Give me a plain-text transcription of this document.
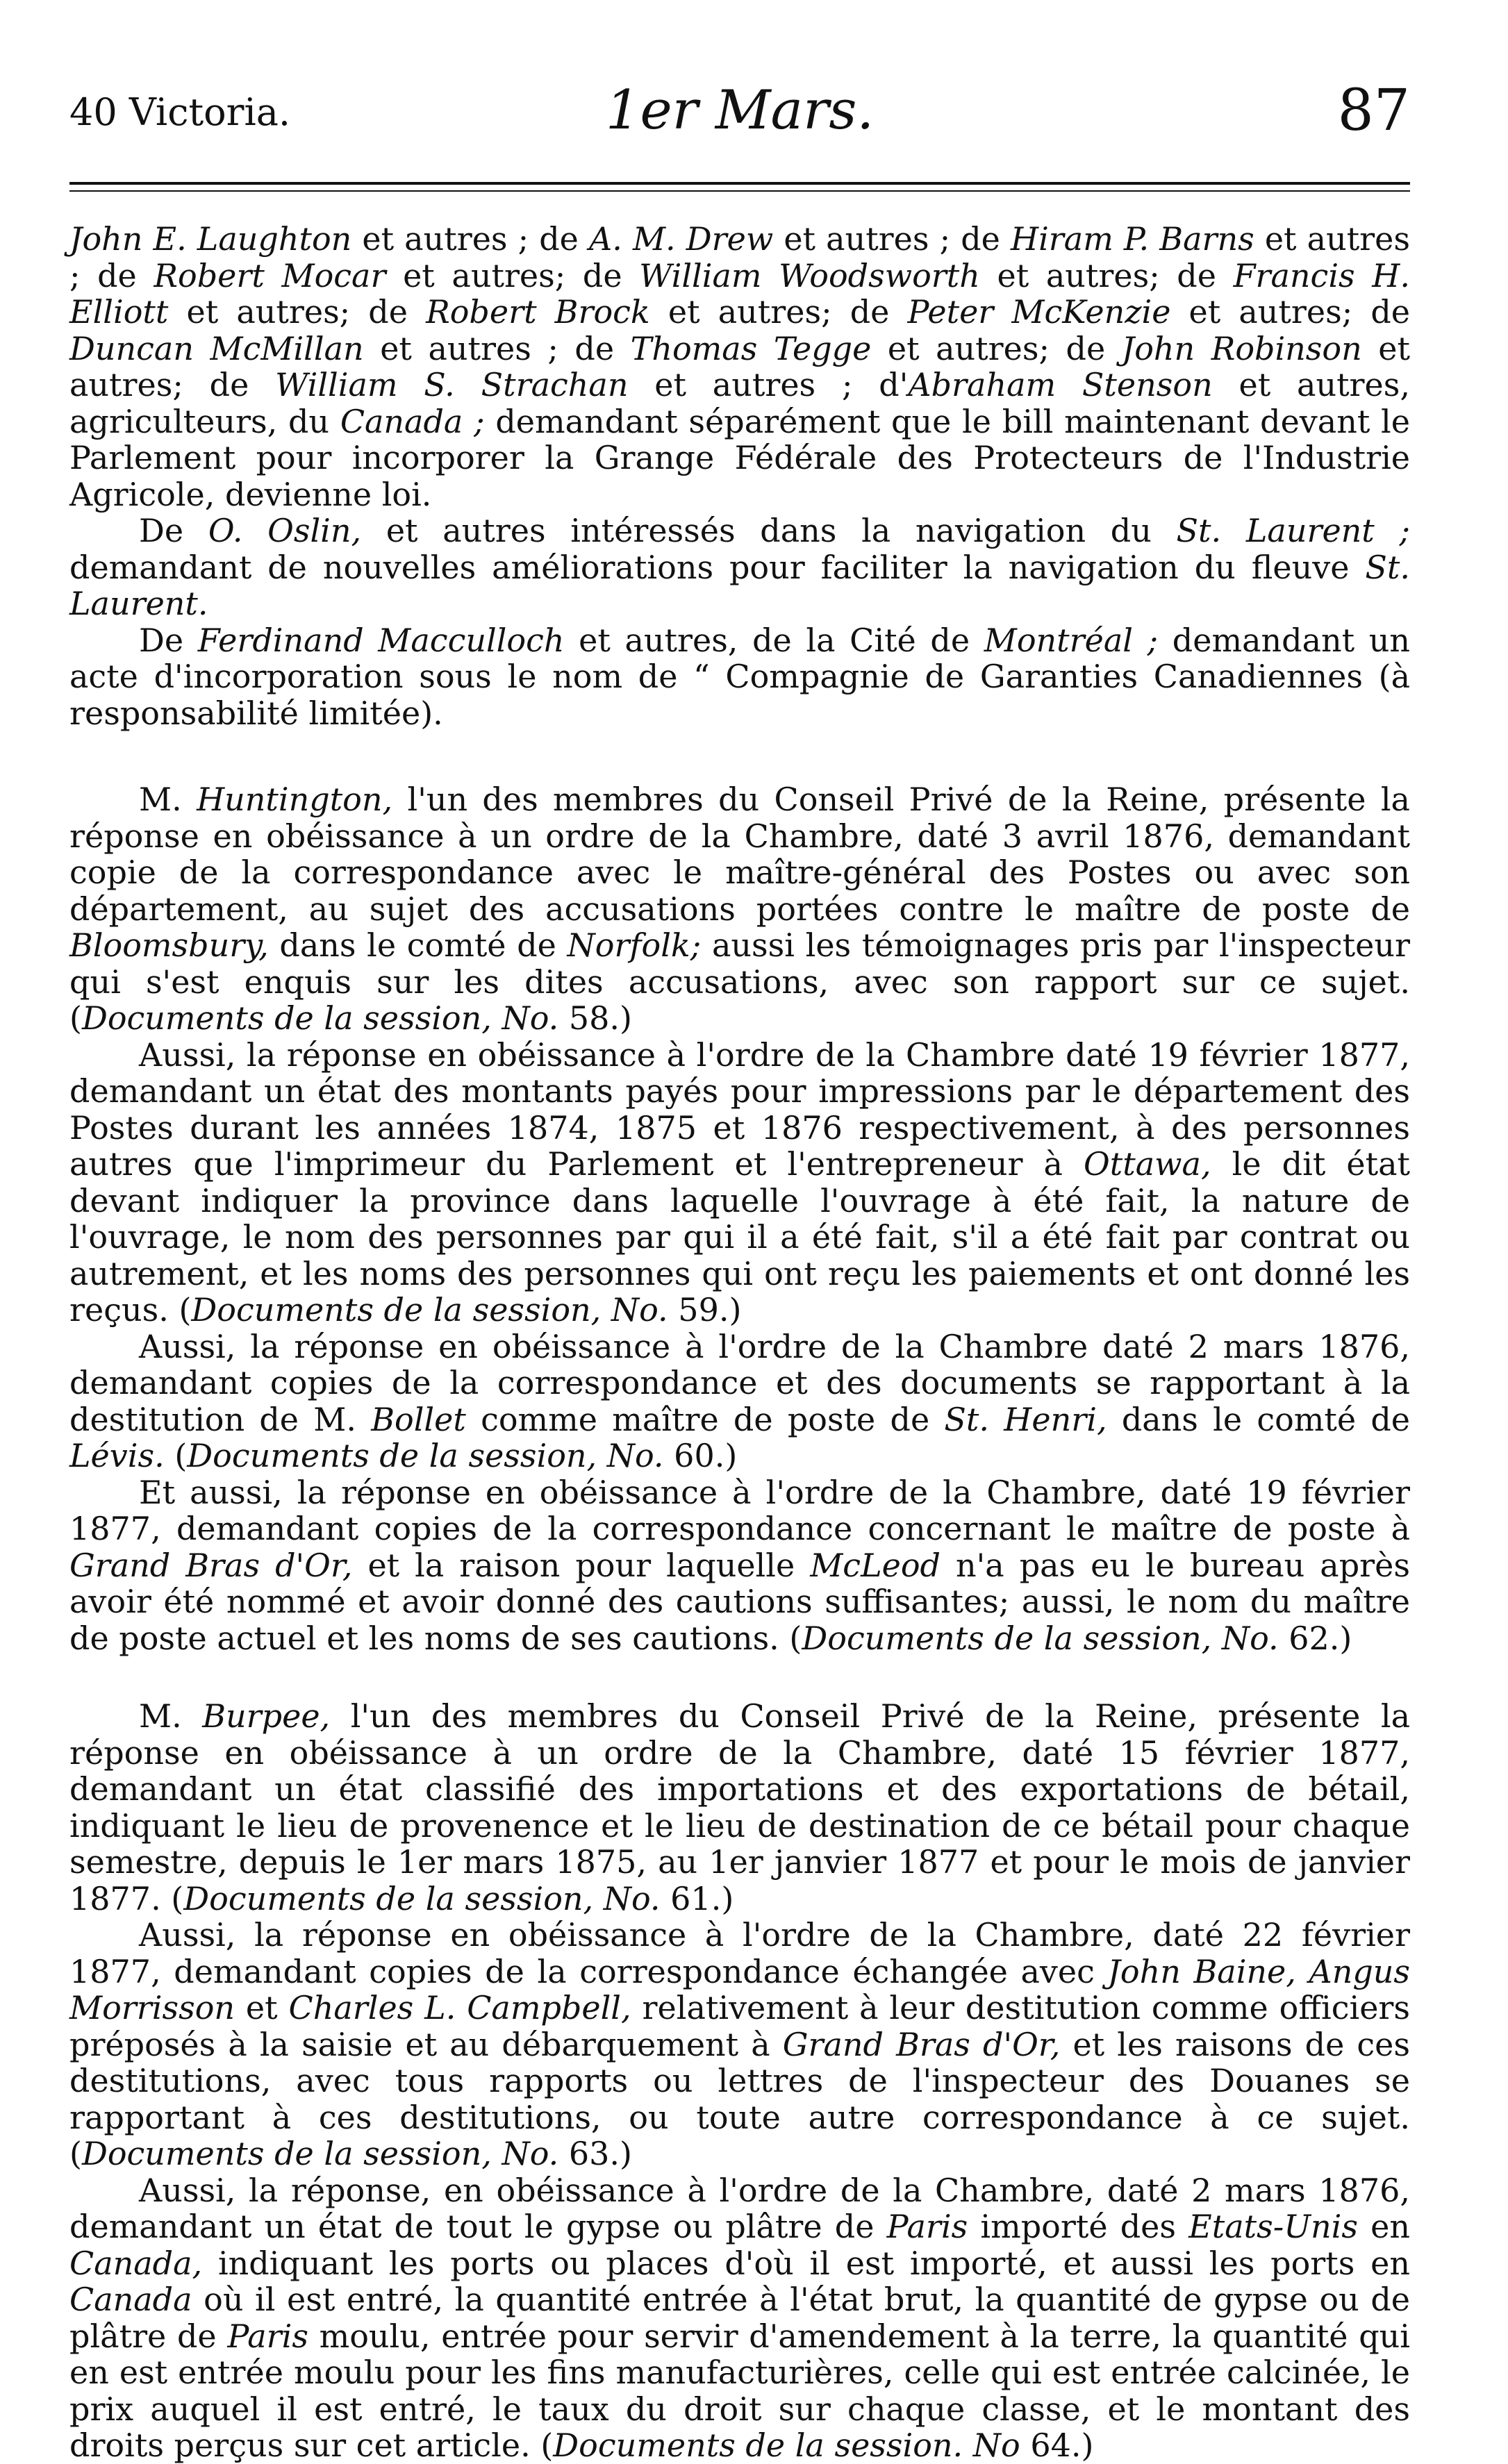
40 Victoria.	1er Mars.	87

John E. Laughton et autres ; de A. M. Drew et autres ; de Hiram P. Barns et autres ; de Robert Mocar et autres; de William Woodsworth et autres; de Francis H. Elliott et autres; de Robert Brock et autres; de Peter McKenzie et autres; de Duncan McMillan et autres ; de Thomas Tegge et autres; de John Robinson et autres; de William S. Strachan et autres ; d'Abraham Stenson et autres, agriculteurs, du Canada ; demandant séparément que le bill maintenant devant le Parlement pour incorporer la Grange Fédérale des Protecteurs de l'Industrie Agricole, devienne loi.

De O. Oslin, et autres intéressés dans la navigation du St. Laurent ; demandant de nouvelles améliorations pour faciliter la navigation du fleuve St. Laurent.

De Ferdinand Macculloch et autres, de la Cité de Montréal ; demandant un acte d'incorporation sous le nom de “ Compagnie de Garanties Canadiennes (à responsabilité limitée).

M. Huntington, l'un des membres du Conseil Privé de la Reine, présente la réponse en obéissance à un ordre de la Chambre, daté 3 avril 1876, demandant copie de la correspondance avec le maître-général des Postes ou avec son département, au sujet des accusations portées contre le maître de poste de Bloomsbury, dans le comté de Norfolk; aussi les témoignages pris par l'inspecteur qui s'est enquis sur les dites accusations, avec son rapport sur ce sujet. (Documents de la session, No. 58.)

Aussi, la réponse en obéissance à l'ordre de la Chambre daté 19 février 1877, demandant un état des montants payés pour impressions par le département des Postes durant les années 1874, 1875 et 1876 respectivement, à des personnes autres que l'imprimeur du Parlement et l'entrepreneur à Ottawa, le dit état devant indiquer la province dans laquelle l'ouvrage à été fait, la nature de l'ouvrage, le nom des personnes par qui il a été fait, s'il a été fait par contrat ou autrement, et les noms des personnes qui ont reçu les paiements et ont donné les reçus. (Documents de la session, No. 59.)

Aussi, la réponse en obéissance à l'ordre de la Chambre daté 2 mars 1876, demandant copies de la correspondance et des documents se rapportant à la destitution de M. Bollet comme maître de poste de St. Henri, dans le comté de Lévis. (Documents de la session, No. 60.)

Et aussi, la réponse en obéissance à l'ordre de la Chambre, daté 19 février 1877, demandant copies de la correspondance concernant le maître de poste à Grand Bras d'Or, et la raison pour laquelle McLeod n'a pas eu le bureau après avoir été nommé et avoir donné des cautions suffisantes; aussi, le nom du maître de poste actuel et les noms de ses cautions. (Documents de la session, No. 62.)

M. Burpee, l'un des membres du Conseil Privé de la Reine, présente la réponse en obéissance à un ordre de la Chambre, daté 15 février 1877, demandant un état classifié des importations et des exportations de bétail, indiquant le lieu de provenence et le lieu de destination de ce bétail pour chaque semestre, depuis le 1er mars 1875, au 1er janvier 1877 et pour le mois de janvier 1877. (Documents de la session, No. 61.)

Aussi, la réponse en obéissance à l'ordre de la Chambre, daté 22 février 1877, demandant copies de la correspondance échangée avec John Baine, Angus Morrisson et Charles L. Campbell, relativement à leur destitution comme officiers préposés à la saisie et au débarquement à Grand Bras d'Or, et les raisons de ces destitutions, avec tous rapports ou lettres de l'inspecteur des Douanes se rapportant à ces destitutions, ou toute autre correspondance à ce sujet. (Documents de la session, No. 63.)

Aussi, la réponse, en obéissance à l'ordre de la Chambre, daté 2 mars 1876, demandant un état de tout le gypse ou plâtre de Paris importé des Etats-Unis en Canada, indiquant les ports ou places d'où il est importé, et aussi les ports en Canada où il est entré, la quantité entrée à l'état brut, la quantité de gypse ou de plâtre de Paris moulu, entrée pour servir d'amendement à la terre, la quantité qui en est entrée moulu pour les fins manufacturières, celle qui est entrée calcinée, le prix auquel il est entré, le taux du droit sur chaque classe, et le montant des droits perçus sur cet article. (Documents de la session. No 64.)
